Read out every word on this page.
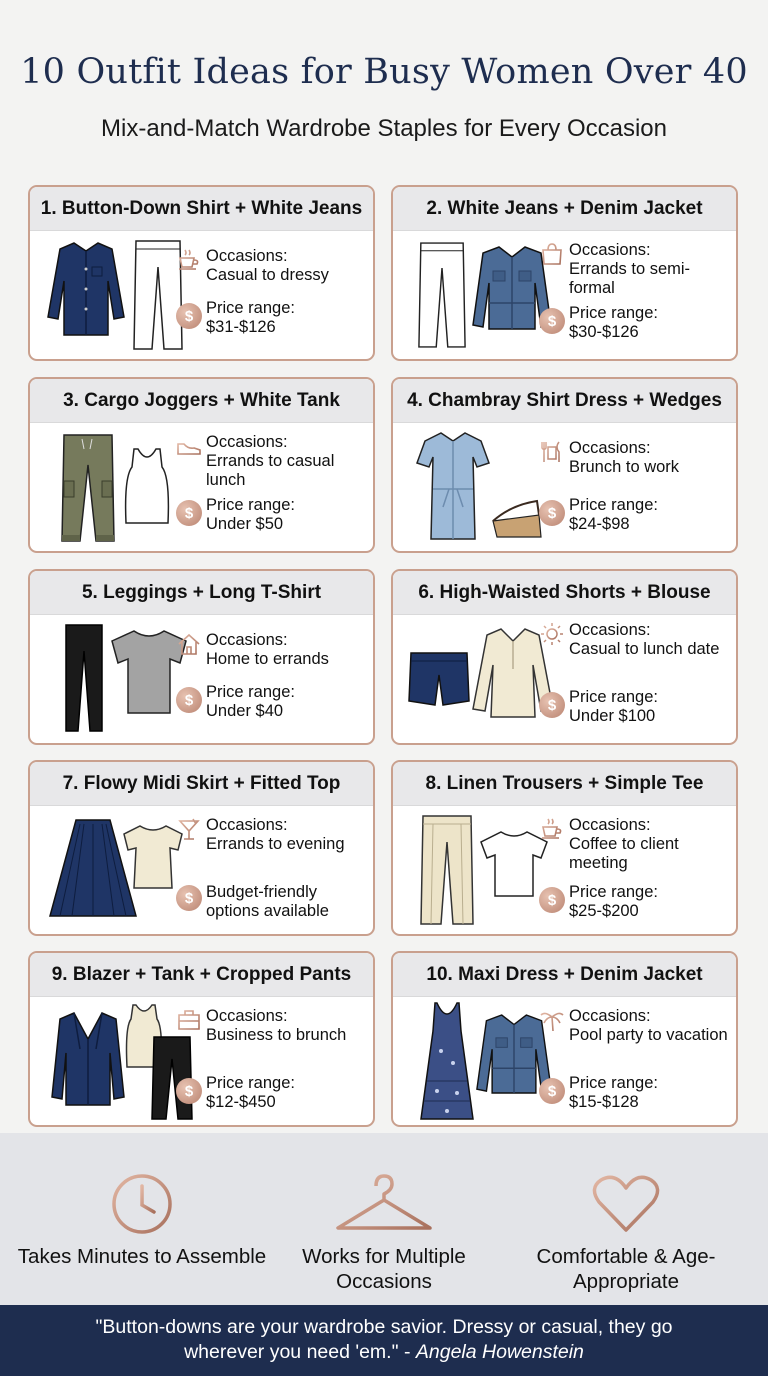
10 Outfit Ideas for Busy Women Over 40
Mix-and-Match Wardrobe Staples for Every Occasion
1. Button-Down Shirt + White Jeans
Occasions:
Casual to dressy
$ Price range:
$31-$126
2. White Jeans + Denim Jacket
Occasions:
Errands to semi-formal
$ Price range:
$30-$126
3. Cargo Joggers + White Tank
Occasions:
Errands to casual lunch
$ Price range:
Under $50
4. Chambray Shirt Dress + Wedges
Occasions:
Brunch to work
$ Price range:
$24-$98
5. Leggings + Long T-Shirt
Occasions:
Home to errands
$ Price range:
Under $40
6. High-Waisted Shorts + Blouse
Occasions:
Casual to lunch date
$ Price range:
Under $100
7. Flowy Midi Skirt + Fitted Top
Occasions:
Errands to evening
$ Budget-friendly options available
8. Linen Trousers + Simple Tee
Occasions:
Coffee to client meeting
$ Price range:
$25-$200
9. Blazer + Tank + Cropped Pants
Occasions:
Business to brunch
$ Price range:
$12-$450
10. Maxi Dress + Denim Jacket
Occasions:
Pool party to vacation
$ Price range:
$15-$128
Takes Minutes to Assemble	Works for Multiple Occasions
Comfortable & Age-Appropriate
"Button-downs are your wardrobe savior. Dressy or casual, they go wherever you need 'em." - Angela Howenstein
